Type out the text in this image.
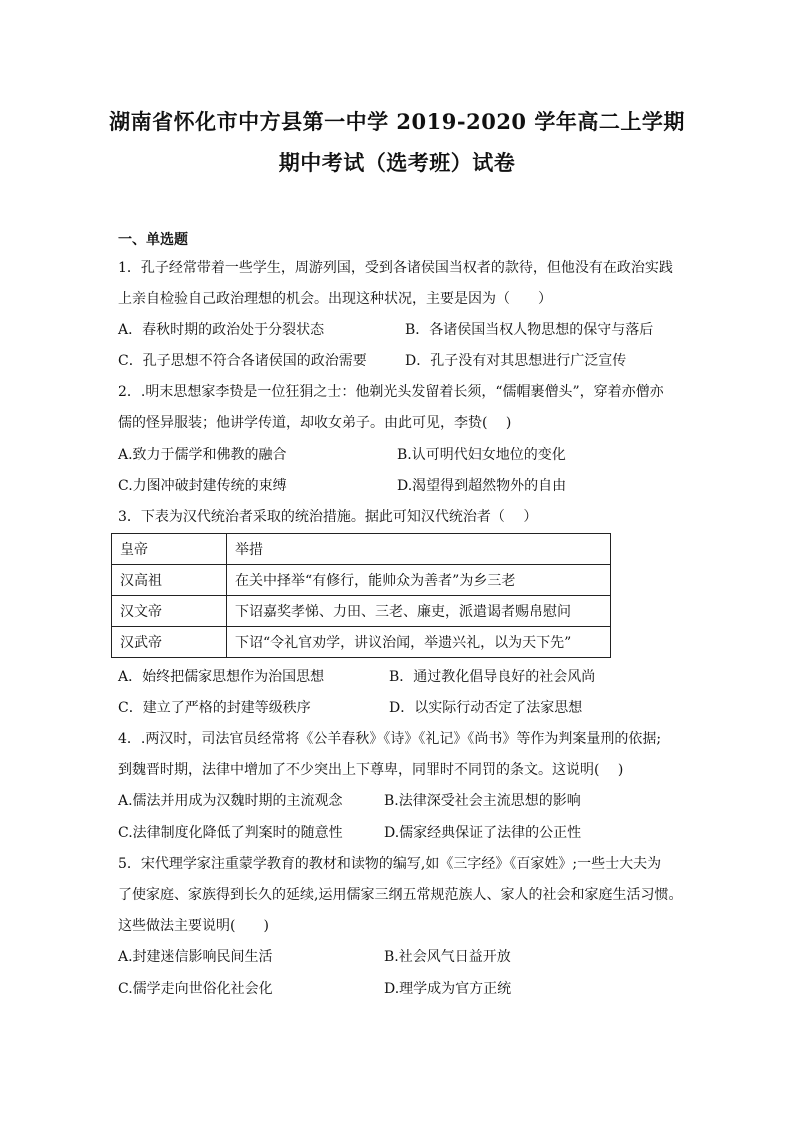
湖南省怀化市中方县第一中学 2019-2020 学年高二上学期
期中考试（选考班）试卷
一、单选题
1．孔子经常带着一些学生，周游列国，受到各诸侯国当权者的款待，但他没有在政治实践
上亲自检验自己政治理想的机会。出现这种状况，主要是因为（　　）
A．春秋时期的政治处于分裂状态	B．各诸侯国当权人物思想的保守与落后
C．孔子思想不符合各诸侯国的政治需要	D．孔子没有对其思想进行广泛宣传
2．.明末思想家李贽是一位狂狷之士：他剃光头发留着长须，“儒帽裹僧头”，穿着亦僧亦
儒的怪异服装；他讲学传道，却收女弟子。由此可见，李贽(　 )
A.致力于儒学和佛教的融合	B.认可明代妇女地位的变化
C.力图冲破封建传统的束缚	D.渴望得到超然物外的自由
3．下表为汉代统治者采取的统治措施。据此可知汉代统治者（　 ）
皇帝	举措
汉高祖	在关中择举“有修行，能帅众为善者”为乡三老
汉文帝	下诏嘉奖孝悌、力田、三老、廉吏，派遣谒者赐帛慰问
汉武帝	下诏“令礼官劝学，讲议治闻，举遗兴礼，以为天下先”
A．始终把儒家思想作为治国思想	B．通过教化倡导良好的社会风尚
C．建立了严格的封建等级秩序	D．以实际行动否定了法家思想
4．.两汉时，司法官员经常将《公羊春秋》《诗》《礼记》《尚书》等作为判案量刑的依据;
到魏晋时期，法律中增加了不少突出上下尊卑，同罪时不同罚的条文。这说明(　 )
A.儒法并用成为汉魏时期的主流观念	B.法律深受社会主流思想的影响
C.法律制度化降低了判案时的随意性	D.儒家经典保证了法律的公正性
5．宋代理学家注重蒙学教育的教材和读物的编写,如《三字经》《百家姓》;一些士大夫为
了使家庭、家族得到长久的延续,运用儒家三纲五常规范族人、家人的社会和家庭生活习惯。
这些做法主要说明(　　)
A.封建迷信影响民间生活	B.社会风气日益开放
C.儒学走向世俗化社会化	D.理学成为官方正统
